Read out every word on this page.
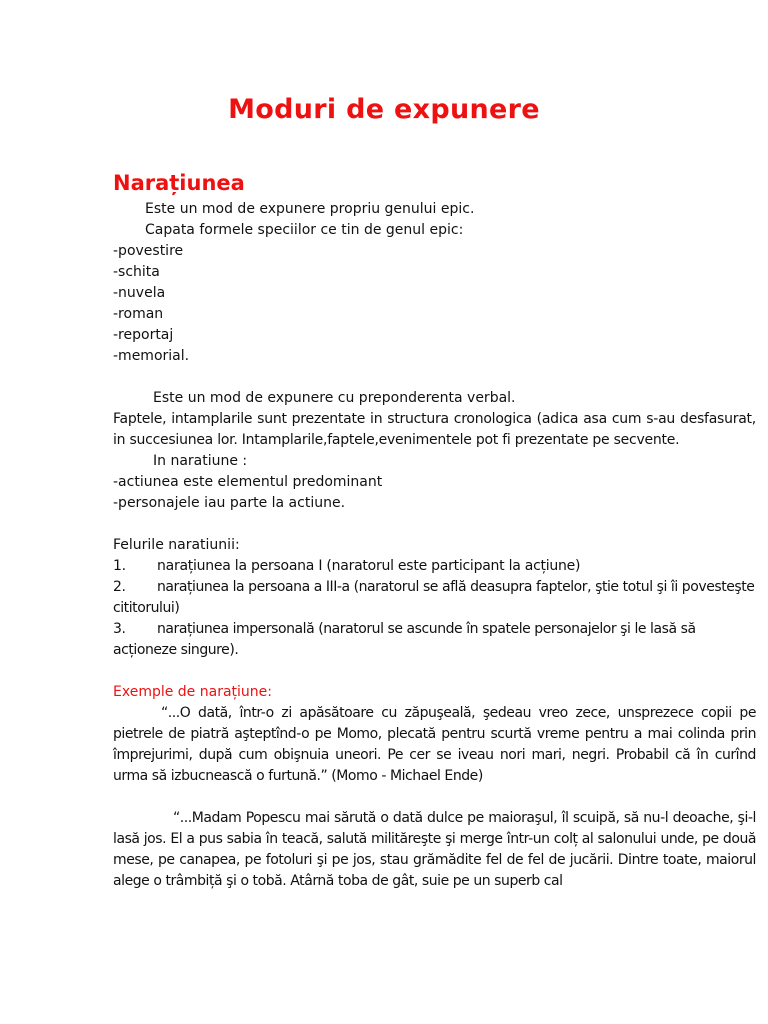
Moduri de expunere
Narațiunea
Este un mod de expunere propriu genului epic.
Capata formele speciilor ce tin de genul epic:
-povestire
-schita
-nuvela
-roman
-reportaj
-memorial.
Este un mod de expunere cu preponderenta verbal.

Faptele, intamplarile sunt prezentate in structura cronologica (adica asa cum s-au desfasurat, in succesiunea lor. Intamplarile,faptele,evenimentele pot fi prezentate pe secvente.

In naratiune :
-actiunea este elementul predominant
-personajele iau parte la actiune.
Felurile naratiunii:
1. narațiunea la persoana I (naratorul este participant la acțiune)

2. narațiunea la persoana a III-a (naratorul se află deasupra faptelor, ştie totul şi îi povesteşte cititorului)

3. narațiunea impersonală (naratorul se ascunde în spatele personajelor şi le lasă să acționeze singure).

Exemple de narațiune:

“...O dată, într-o zi apăsătoare cu zăpuşeală, şedeau vreo zece, unsprezece copii pe pietrele de piatră aşteptînd-o pe Momo, plecată pentru scurtă vreme pentru a mai colinda prin împrejurimi, după cum obişnuia uneori. Pe cer se iveau nori mari, negri. Probabil că în curînd urma să izbucnească o furtună.” (Momo - Michael Ende)

“...Madam Popescu mai sărută o dată dulce pe maioraşul, îl scuipă, să nu-l deoache, şi-l lasă jos. El a pus sabia în teacă, salută milităreşte şi merge într-un colț al salonului unde, pe două mese, pe canapea, pe fotoluri şi pe jos, stau grămădite fel de fel de jucării. Dintre toate, maiorul alege o trâmbiță şi o tobă. Atârnă toba de gât, suie pe un superb cal
